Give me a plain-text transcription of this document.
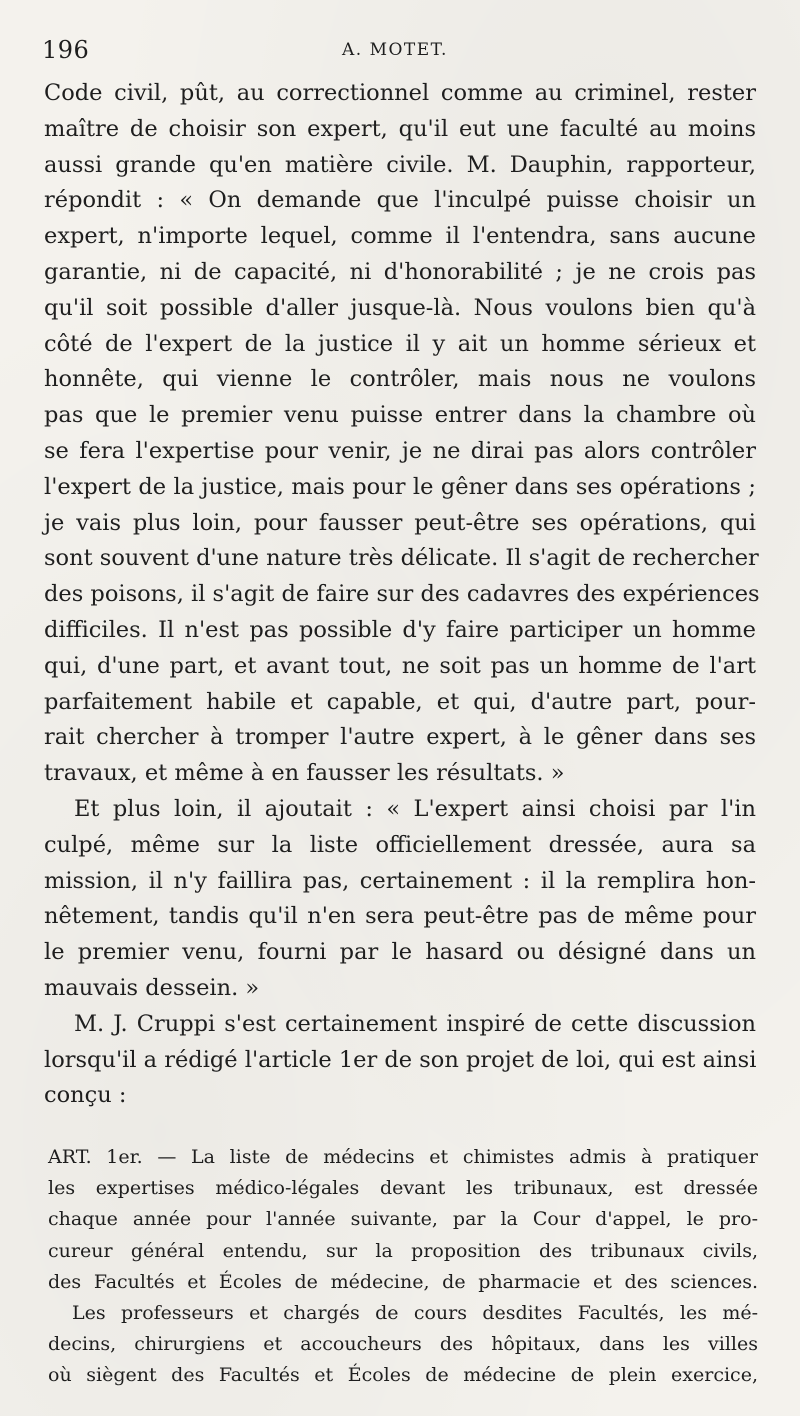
196	A. MOTET.
Code civil, pût, au correctionnel comme au criminel, rester
maître de choisir son expert, qu'il eut une faculté au moins
aussi grande qu'en matière civile. M. Dauphin, rapporteur,
répondit : « On demande que l'inculpé puisse choisir un
expert, n'importe lequel, comme il l'entendra, sans aucune
garantie, ni de capacité, ni d'honorabilité ; je ne crois pas
qu'il soit possible d'aller jusque-là. Nous voulons bien qu'à
côté de l'expert de la justice il y ait un homme sérieux et
honnête, qui vienne le contrôler, mais nous ne voulons
pas que le premier venu puisse entrer dans la chambre où
se fera l'expertise pour venir, je ne dirai pas alors contrôler
l'expert de la justice, mais pour le gêner dans ses opérations ;
je vais plus loin, pour fausser peut-être ses opérations, qui
sont souvent d'une nature très délicate. Il s'agit de rechercher
des poisons, il s'agit de faire sur des cadavres des expériences
difficiles. Il n'est pas possible d'y faire participer un homme
qui, d'une part, et avant tout, ne soit pas un homme de l'art
parfaitement habile et capable, et qui, d'autre part, pour-
rait chercher à tromper l'autre expert, à le gêner dans ses
travaux, et même à en fausser les résultats. »
Et plus loin, il ajoutait : « L'expert ainsi choisi par l'in
culpé, même sur la liste officiellement dressée, aura sa
mission, il n'y faillira pas, certainement : il la remplira hon-
nêtement, tandis qu'il n'en sera peut-être pas de même pour
le premier venu, fourni par le hasard ou désigné dans un
mauvais dessein. »
M. J. Cruppi s'est certainement inspiré de cette discussion
lorsqu'il a rédigé l'article 1er de son projet de loi, qui est ainsi
conçu :
ART. 1er. — La liste de médecins et chimistes admis à pratiquer
les expertises médico-légales devant les tribunaux, est dressée
chaque année pour l'année suivante, par la Cour d'appel, le pro-
cureur général entendu, sur la proposition des tribunaux civils,
des Facultés et Écoles de médecine, de pharmacie et des sciences.
Les professeurs et chargés de cours desdites Facultés, les mé-
decins, chirurgiens et accoucheurs des hôpitaux, dans les villes
où siègent des Facultés et Écoles de médecine de plein exercice,
